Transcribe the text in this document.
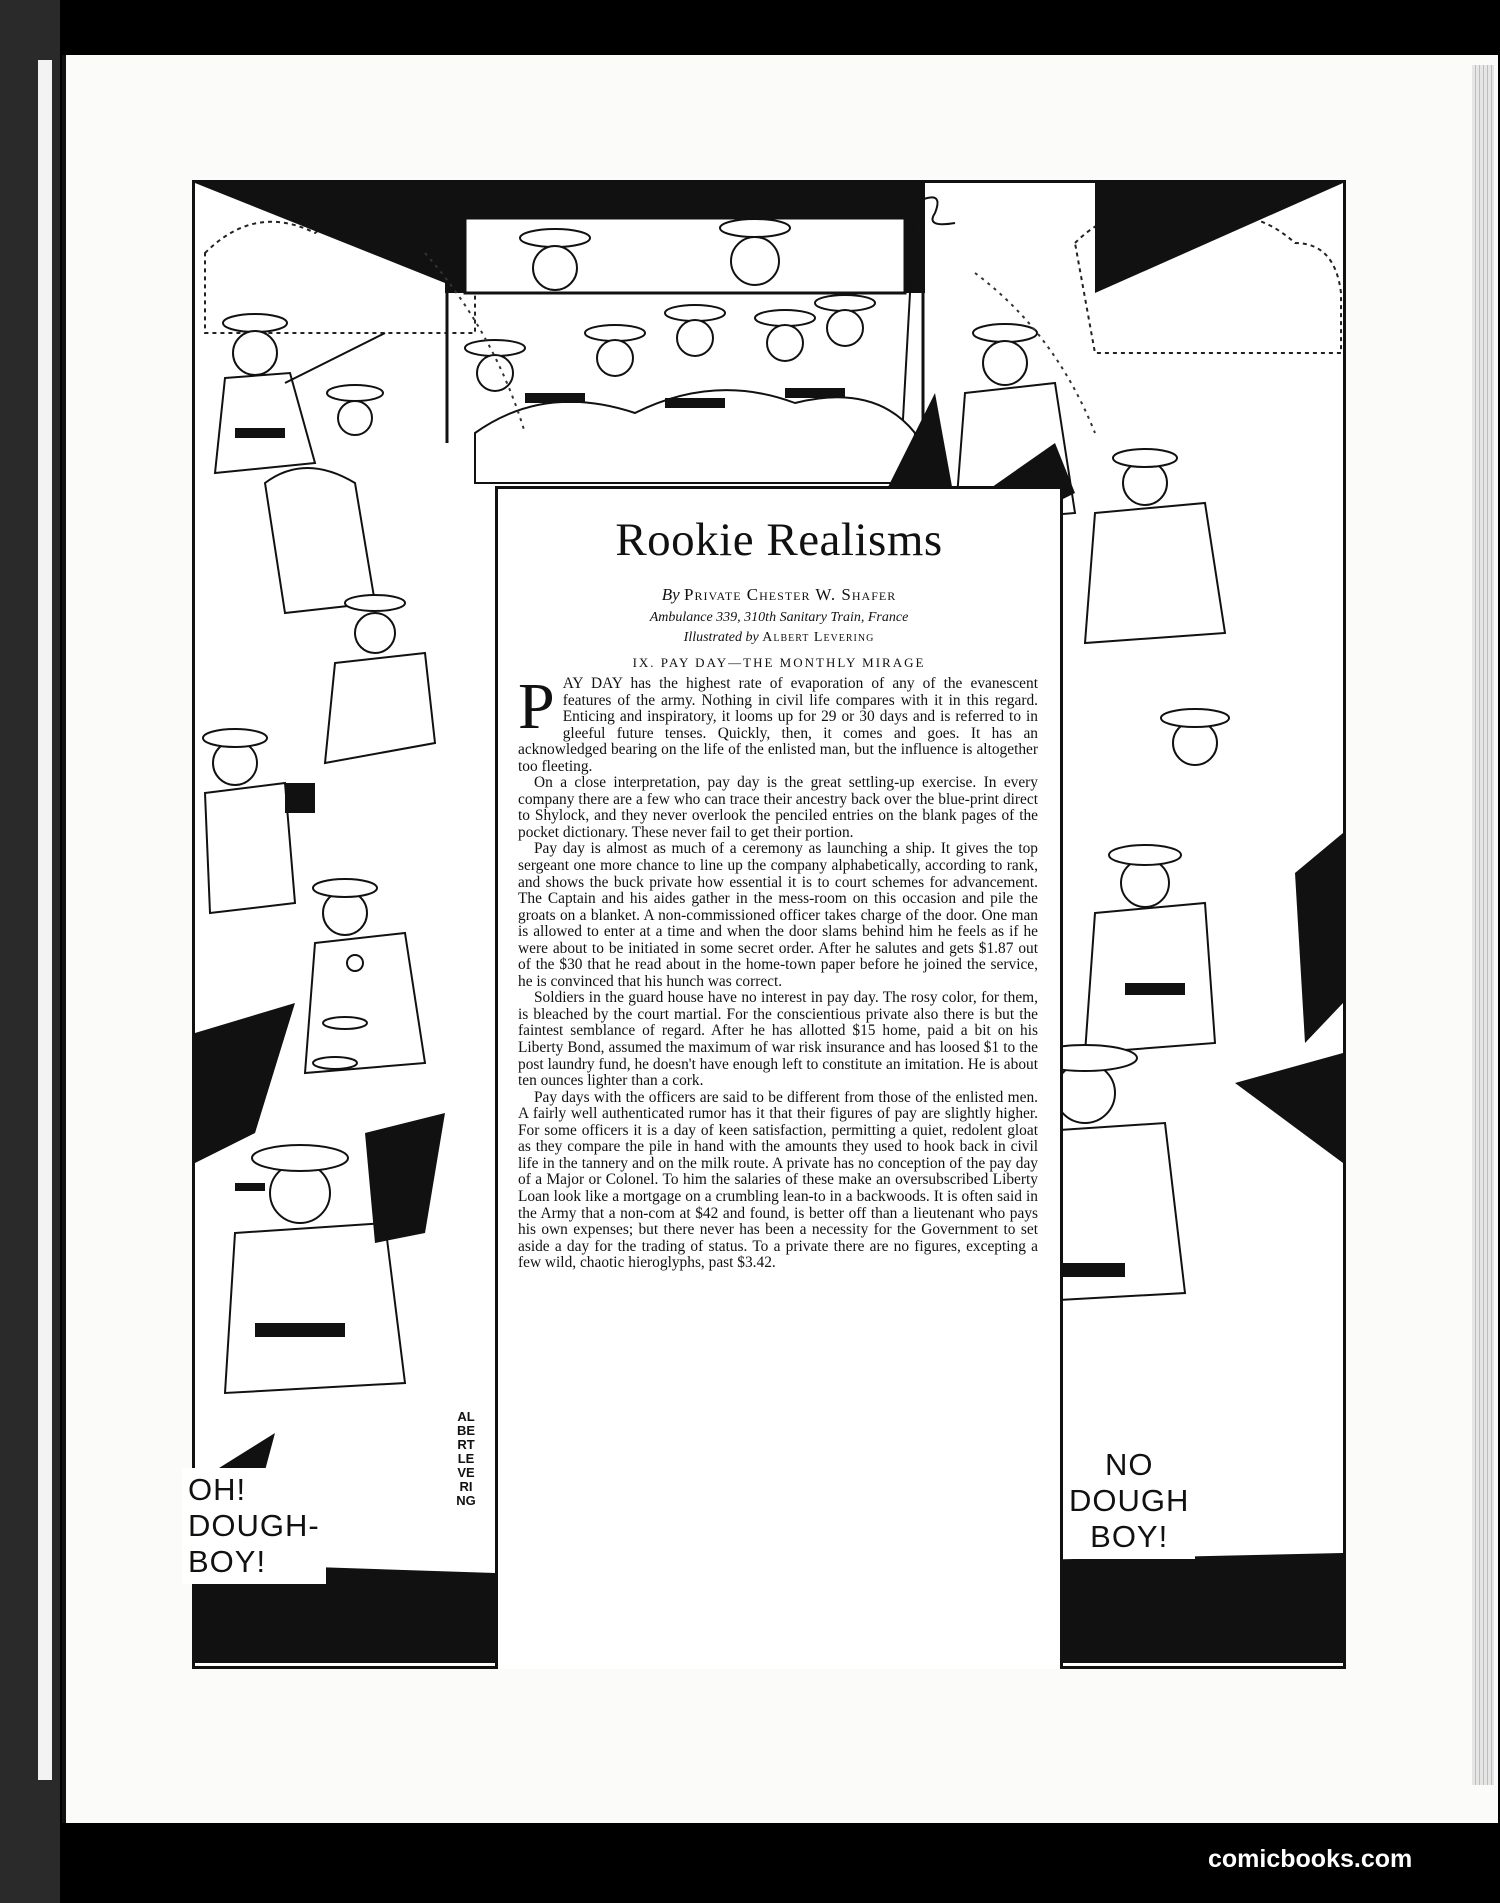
Rookie Realisms
By Private Chester W. Shafer
Ambulance 339, 310th Sanitary Train, France
Illustrated by Albert Levering
IX. PAY DAY—THE MONTHLY MIRAGE

PAY DAY has the highest rate of evaporation of any of the evanescent features of the army. Nothing in civil life compares with it in this regard. Enticing and inspiratory, it looms up for 29 or 30 days and is referred to in gleeful future tenses. Quickly, then, it comes and goes. It has an acknowledged bearing on the life of the enlisted man, but the influence is altogether too fleeting.

On a close interpretation, pay day is the great settling-up exercise. In every company there are a few who can trace their ancestry back over the blue-print direct to Shylock, and they never overlook the penciled entries on the blank pages of the pocket dictionary. These never fail to get their portion.

Pay day is almost as much of a ceremony as launching a ship. It gives the top sergeant one more chance to line up the company alphabetically, according to rank, and shows the buck private how essential it is to court schemes for advancement. The Captain and his aides gather in the mess-room on this occasion and pile the groats on a blanket. A non-commissioned officer takes charge of the door. One man is allowed to enter at a time and when the door slams behind him he feels as if he were about to be initiated in some secret order. After he salutes and gets $1.87 out of the $30 that he read about in the home-town paper before he joined the service, he is convinced that his hunch was correct.

Soldiers in the guard house have no interest in pay day. The rosy color, for them, is bleached by the court martial. For the conscientious private also there is but the faintest semblance of regard. After he has allotted $15 home, paid a bit on his Liberty Bond, assumed the maximum of war risk insurance and has loosed $1 to the post laundry fund, he doesn't have enough left to constitute an imitation. He is about ten ounces lighter than a cork.

Pay days with the officers are said to be different from those of the enlisted men. A fairly well authenticated rumor has it that their figures of pay are slightly higher. For some officers it is a day of keen satisfaction, permitting a quiet, redolent gloat as they compare the pile in hand with the amounts they used to hook back in civil life in the tannery and on the milk route. A private has no conception of the pay day of a Major or Colonel. To him the salaries of these make an oversubscribed Liberty Loan look like a mortgage on a crumbling lean-to in a backwoods. It is often said in the Army that a non-com at $42 and found, is better off than a lieutenant who pays his own expenses; but there never has been a necessity for the Government to set aside a day for the trading of status. To a private there are no figures, excepting a few wild, chaotic hieroglyphs, past $3.42.

OH!
DOUGH-
BOY!
NO
DOUGH
BOY!
ALBERT LEVERING
comicbooks.com
